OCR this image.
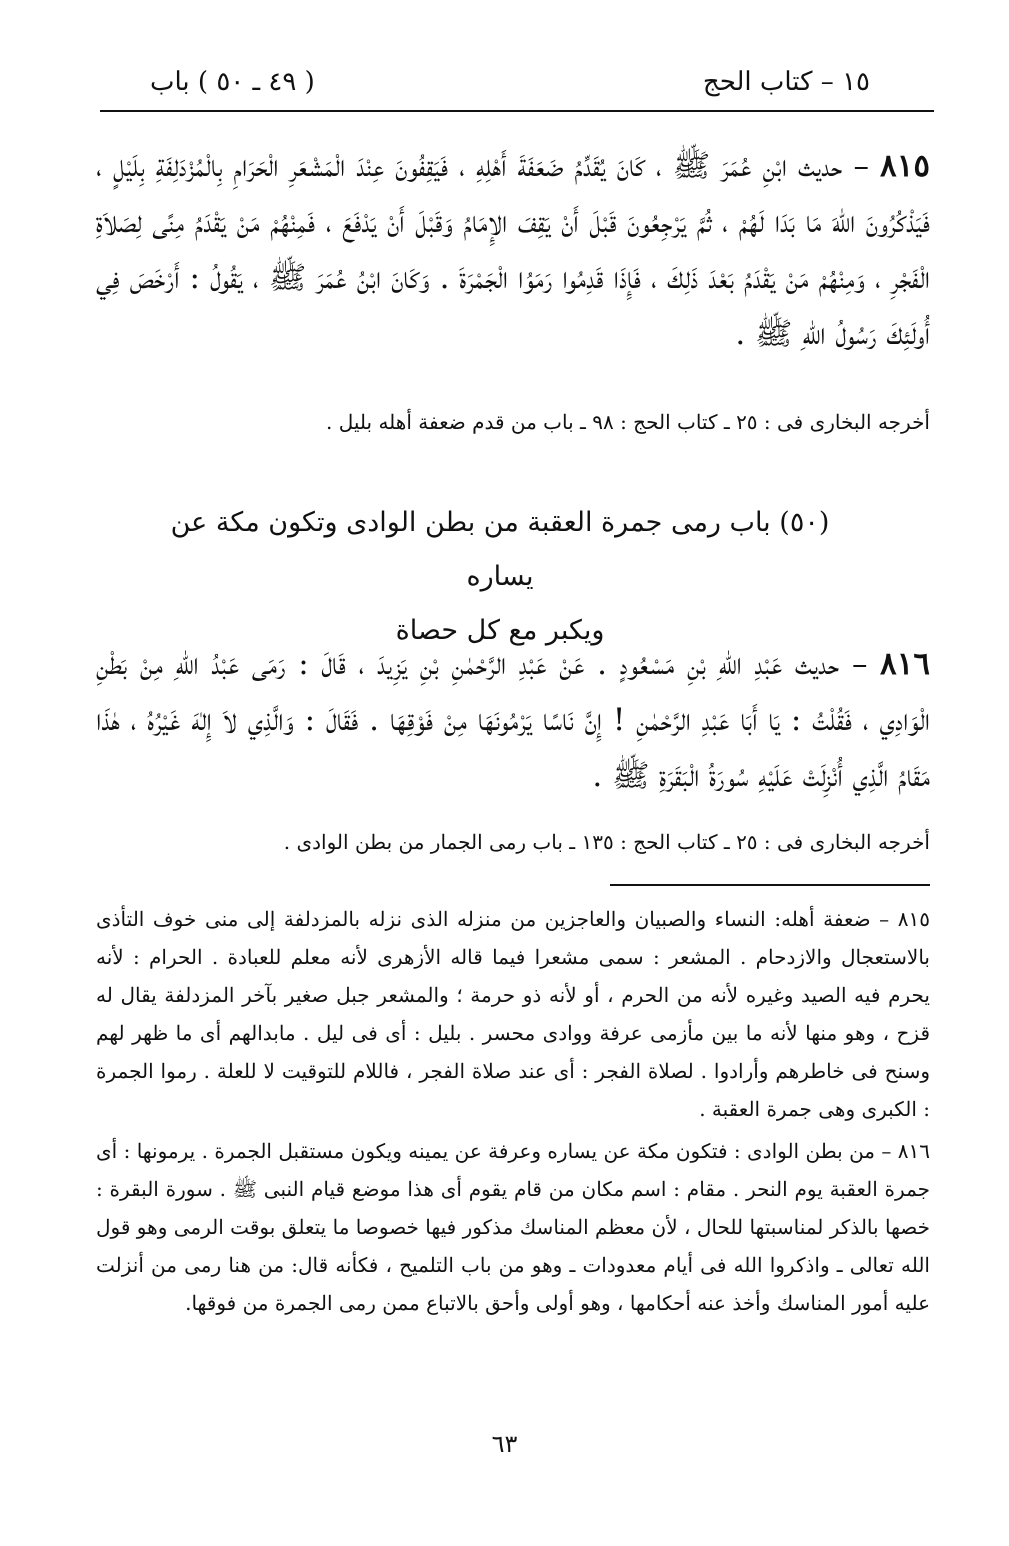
١٥ – كتاب الحج
( ٤٩ ـ ٥٠ ) باب
٨١٥ – حديث ابْنِ عُمَرَ ﷺ ، كَانَ يُقَدِّمُ ضَعَفَةَ أَهْلِهِ ، فَيَقِفُونَ عِنْدَ الْمَشْعَرِ الْحَرَامِ بِالْمُزْدَلِفَةِ بِلَيْلٍ ، فَيَذْكُرُونَ اللهَ مَا بَدَا لَهُمْ ، ثُمَّ يَرْجِعُونَ قَبْلَ أَنْ يَقِفَ الإِمَامُ وَقَبْلَ أَنْ يَدْفَعَ ، فَمِنْهُمْ مَنْ يَقْدَمُ مِنًى لِصَلاَةِ الْفَجْرِ ، وَمِنْهُمْ مَنْ يَقْدَمُ بَعْدَ ذَلِكَ ، فَإِذَا قَدِمُوا رَمَوُا الْجَمْرَةَ . وَكَانَ ابْنُ عُمَرَ ﷺ ، يَقُولُ : أَرْخَصَ فِي أُولَئِكَ رَسُولُ اللهِ ﷺ .
أخرجه البخارى فى : ٢٥ ـ كتاب الحج : ٩٨ ـ باب من قدم ضعفة أهله بليل .
(٥٠) باب رمى جمرة العقبة من بطن الوادى وتكون مكة عن يساره
ويكبر مع كل حصاة
٨١٦ – حديث عَبْدِ اللهِ بْنِ مَسْعُودٍ . عَنْ عَبْدِ الرَّحْمٰنِ بْنِ يَزِيدَ ، قَالَ : رَمَى عَبْدُ اللهِ مِنْ بَطْنِ الْوَادِي ، فَقُلْتُ : يَا أَبَا عَبْدِ الرَّحْمٰنِ ! إِنَّ نَاسًا يَرْمُونَهَا مِنْ فَوْقِهَا . فَقَالَ : وَالَّذِي لاَ إِلٰهَ غَيْرُهُ ، هٰذَا مَقَامُ الَّذِي أُنْزِلَتْ عَلَيْهِ سُورَةُ الْبَقَرَةِ ﷺ .
أخرجه البخارى فى : ٢٥ ـ كتاب الحج : ١٣٥ ـ باب رمى الجمار من بطن الوادى .

٨١٥ – ضعفة أهله: النساء والصبيان والعاجزين من منزله الذى نزله بالمزدلفة إلى منى خوف التأذى بالاستعجال والازدحام . المشعر : سمى مشعرا فيما قاله الأزهرى لأنه معلم للعبادة . الحرام : لأنه يحرم فيه الصيد وغيره لأنه من الحرم ، أو لأنه ذو حرمة ؛ والمشعر جبل صغير بآخر المزدلفة يقال له قزح ، وهو منها لأنه ما بين مأزمى عرفة ووادى محسر . بليل : أى فى ليل . مابدالهم أى ما ظهر لهم وسنح فى خاطرهم وأرادوا . لصلاة الفجر : أى عند صلاة الفجر ، فاللام للتوقيت لا للعلة . رموا الجمرة : الكبرى وهى جمرة العقبة .

٨١٦ – من بطن الوادى : فتكون مكة عن يساره وعرفة عن يمينه ويكون مستقبل الجمرة . يرمونها : أى جمرة العقبة يوم النحر . مقام : اسم مكان من قام يقوم أى هذا موضع قيام النبى ﷺ . سورة البقرة : خصها بالذكر لمناسبتها للحال ، لأن معظم المناسك مذكور فيها خصوصا ما يتعلق بوقت الرمى وهو قول الله تعالى ـ واذكروا الله فى أيام معدودات ـ وهو من باب التلميح ، فكأنه قال: من هنا رمى من أنزلت عليه أمور المناسك وأخذ عنه أحكامها ، وهو أولى وأحق بالاتباع ممن رمى الجمرة من فوقها.

٦٣
